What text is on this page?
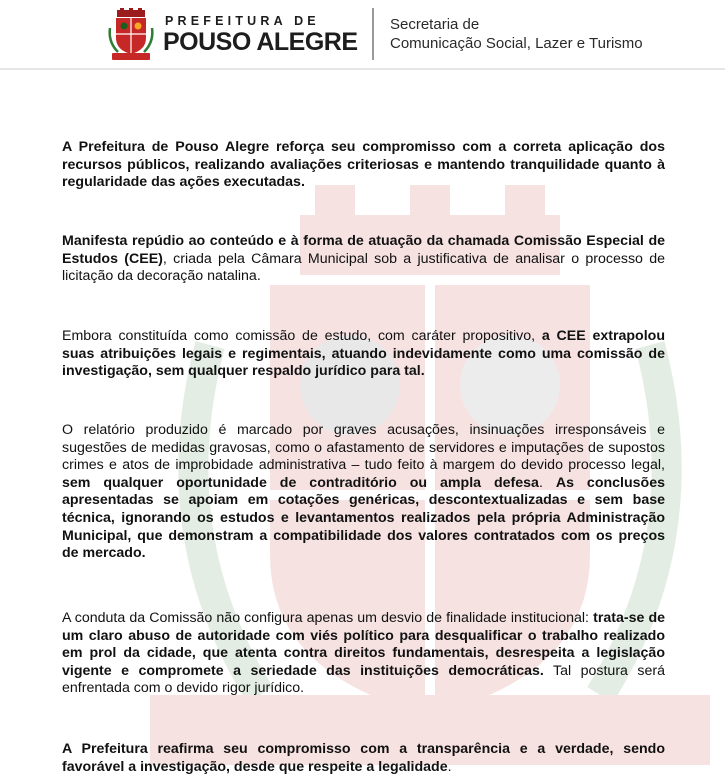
PREFEITURA DE
POUSO ALEGRE
Secretaria de
Comunicação Social, Lazer e Turismo

A Prefeitura de Pouso Alegre reforça seu compromisso com a correta aplicação dos recursos públicos, realizando avaliações criteriosas e mantendo tranquilidade quanto à regularidade das ações executadas.

Manifesta repúdio ao conteúdo e à forma de atuação da chamada Comissão Especial de Estudos (CEE), criada pela Câmara Municipal sob a justificativa de analisar o processo de licitação da decoração natalina.

Embora constituída como comissão de estudo, com caráter propositivo, a CEE extrapolou suas atribuições legais e regimentais, atuando indevidamente como uma comissão de investigação, sem qualquer respaldo jurídico para tal.

O relatório produzido é marcado por graves acusações, insinuações irresponsáveis e sugestões de medidas gravosas, como o afastamento de servidores e imputações de supostos crimes e atos de improbidade administrativa – tudo feito à margem do devido processo legal, sem qualquer oportunidade de contraditório ou ampla defesa. As conclusões apresentadas se apoiam em cotações genéricas, descontextualizadas e sem base técnica, ignorando os estudos e levantamentos realizados pela própria Administração Municipal, que demonstram a compatibilidade dos valores contratados com os preços de mercado.

A conduta da Comissão não configura apenas um desvio de finalidade institucional: trata-se de um claro abuso de autoridade com viés político para desqualificar o trabalho realizado em prol da cidade, que atenta contra direitos fundamentais, desrespeita a legislação vigente e compromete a seriedade das instituições democráticas. Tal postura será enfrentada com o devido rigor jurídico.

A Prefeitura reafirma seu compromisso com a transparência e a verdade, sendo favorável a investigação, desde que respeite a legalidade.
